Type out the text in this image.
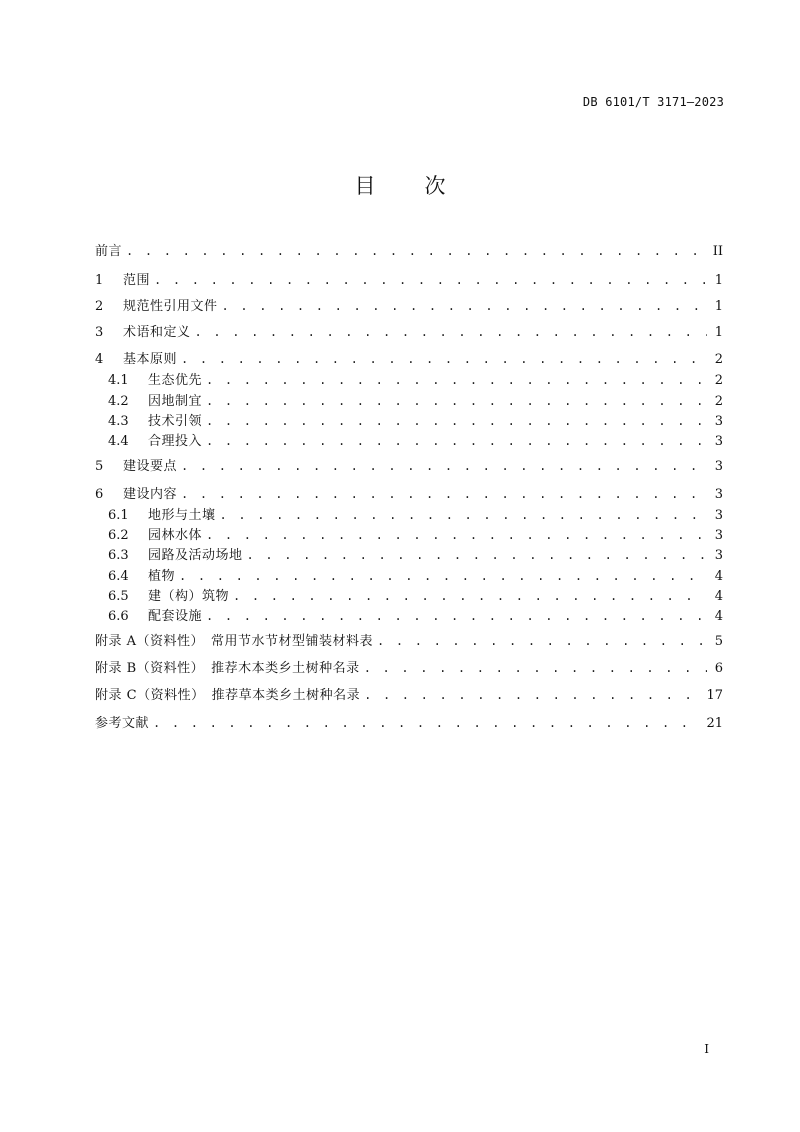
DB 6101/T 3171—2023
目　次
前言 . . .	II
1	范围 . . .	1
2	规范性引用文件 . . .	1
3	术语和定义 . . .	1
4	基本原则 . . .	2
4.1	生态优先 . . .	2
4.2	因地制宜 . . .	2
4.3	技术引领 . . .	3
4.4	合理投入 . . .	3
5	建设要点 . . .	3
6	建设内容 . . .	3
6.1	地形与土壤 . . .	3
6.2	园林水体 . . .	3
6.3	园路及活动场地 . . .	3
6.4	植物 . . .	4
6.5	建（构）筑物 . . .	4
6.6	配套设施 . . .	4
附录 A（资料性）　常用节水节材型铺装材料表 . . .	5
附录 B（资料性）　推荐木本类乡土树种名录 . . .	6
附录 C（资料性）　推荐草本类乡土树种名录 . . .	17
参考文献 . . .	21
I
